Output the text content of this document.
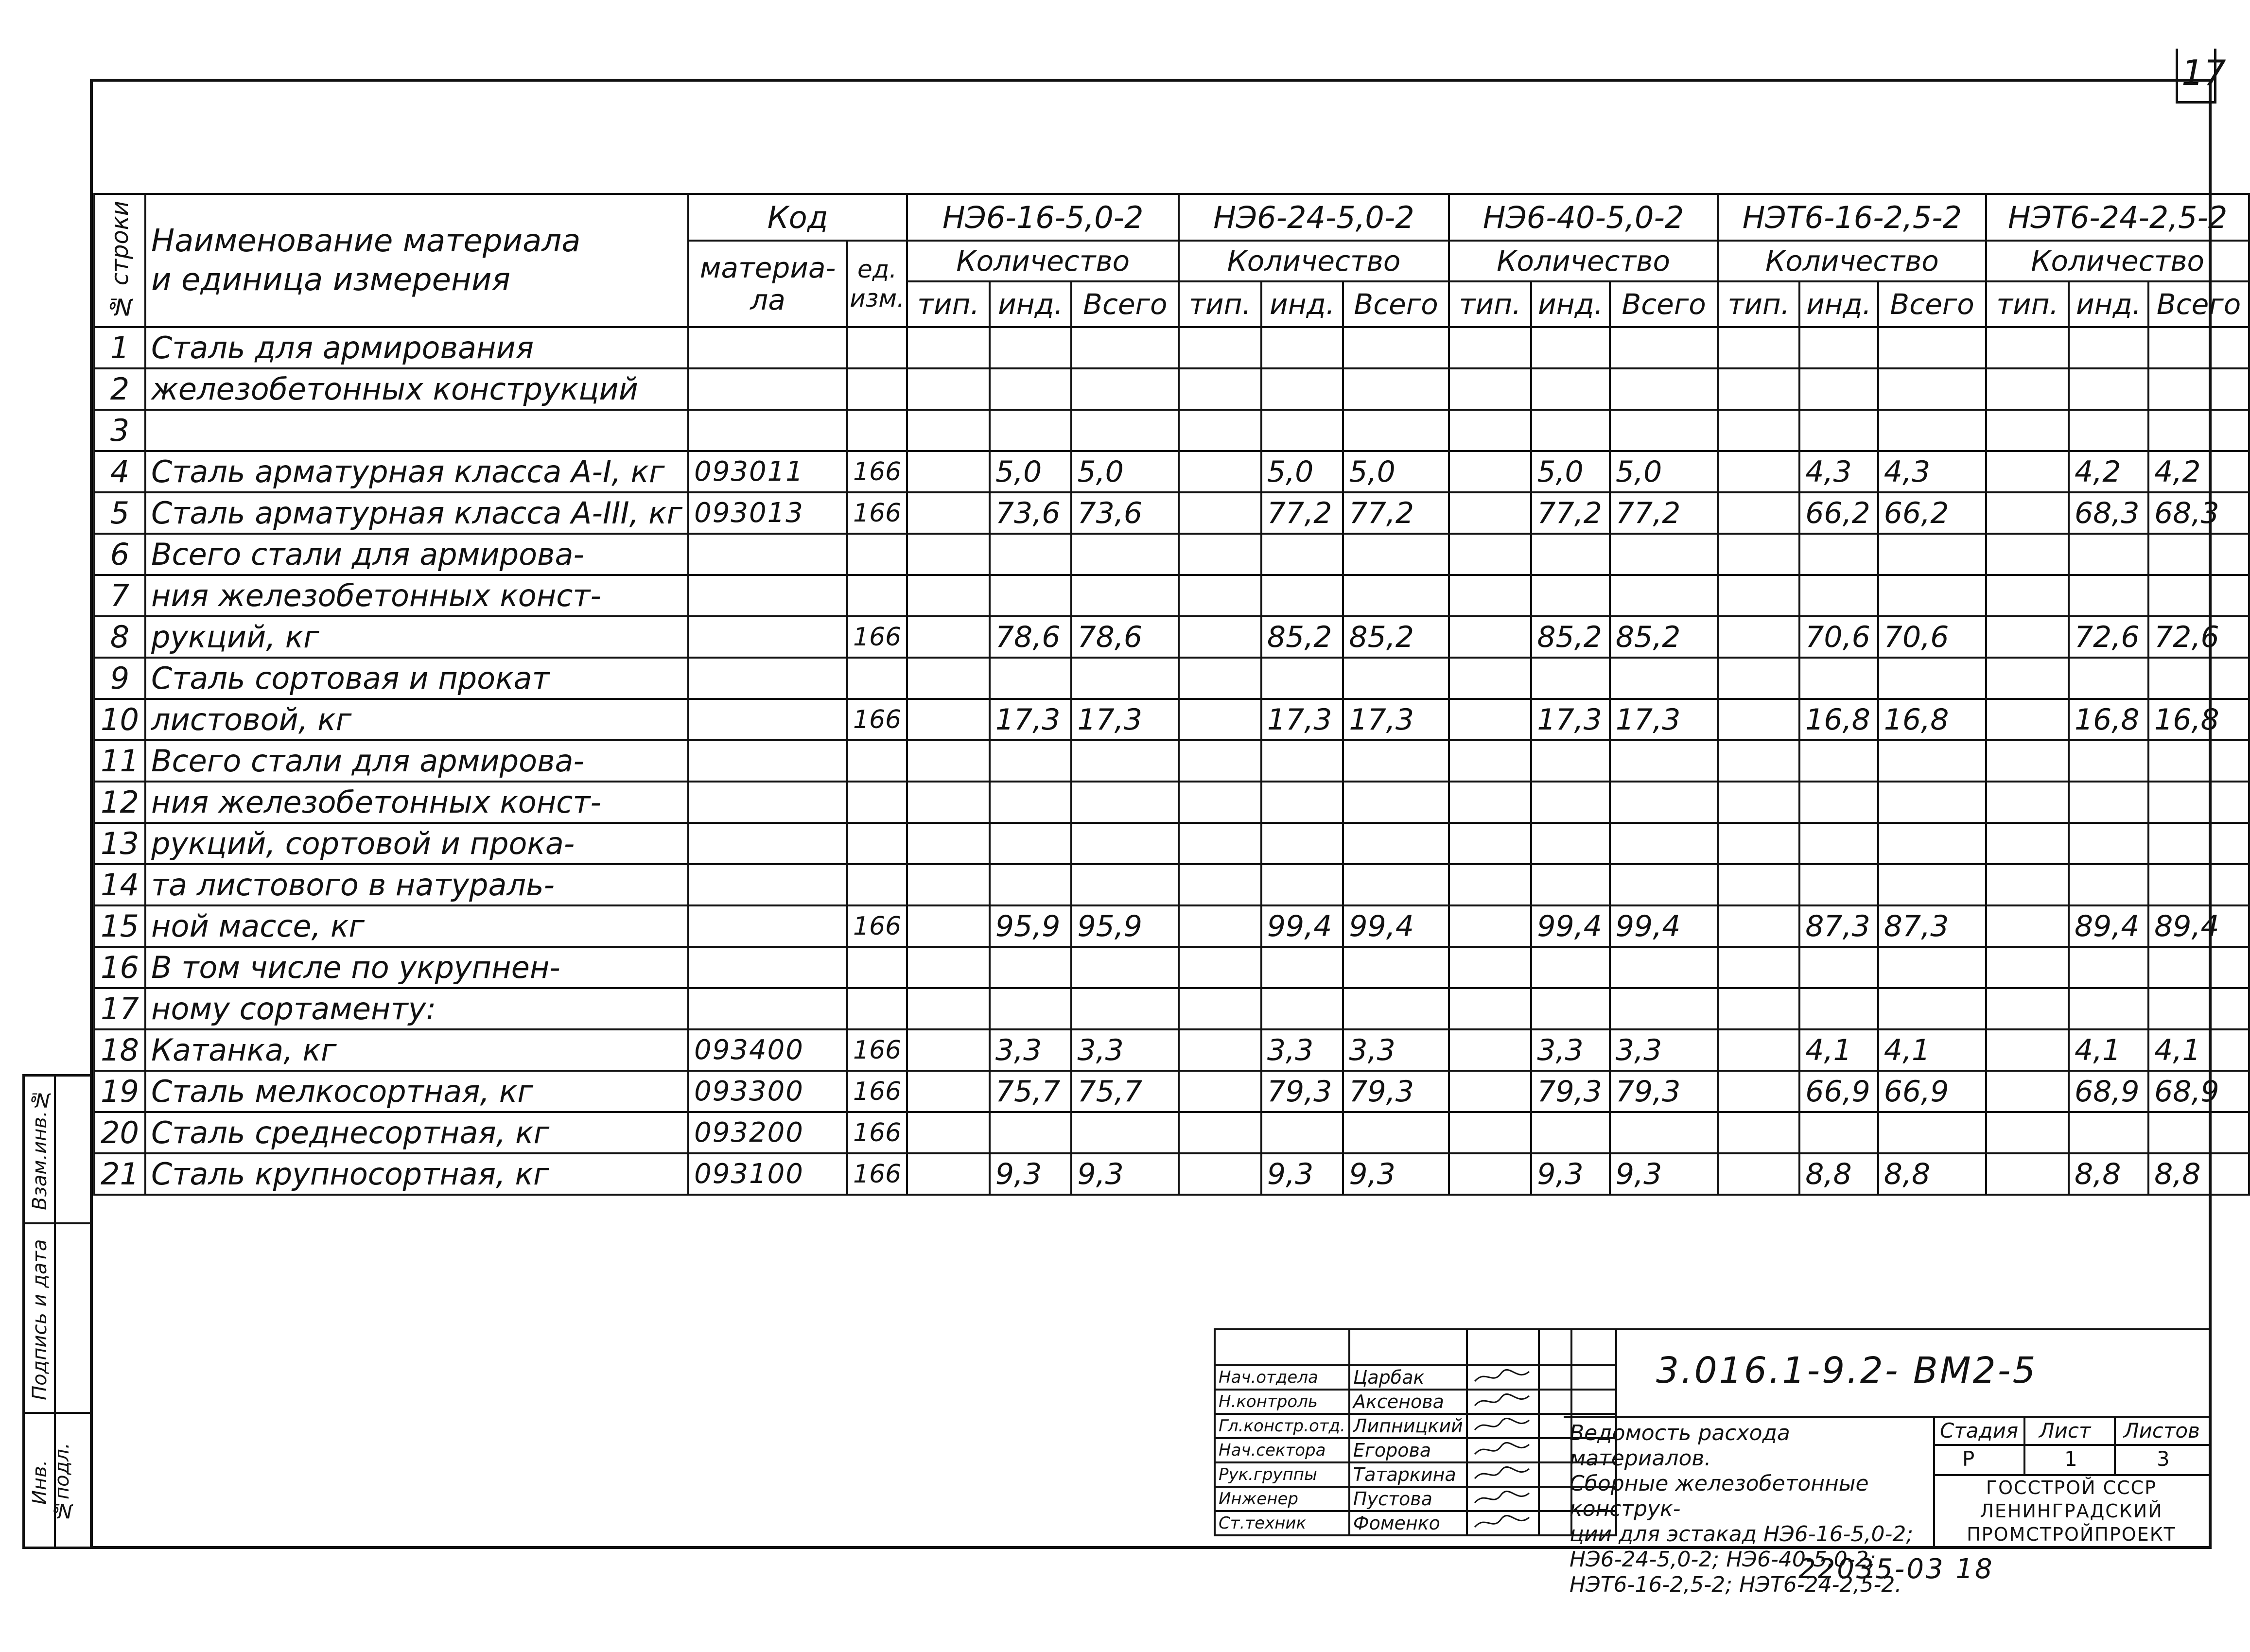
17
Взам.инв.№
Подпись и дата
Инв.№подл.
№ строки	Наименование материала
и единица измерения	Код		НЭ6-16-5,0-2			НЭ6-24-5,0-2			НЭ6-40-5,0-2			НЭТ6-16-2,5-2			НЭТ6-24-2,5-2		
		материа-ла	ед. изм.	Количество			Количество			Количество			Количество			Количество		
				тип.	инд.	Всего	тип.	инд.	Всего	тип.	инд.	Всего	тип.	инд.	Всего	тип.	инд.	Всего
1	Сталь для армирования																	
2	железобетонных конструкций																	
3																		
4	Сталь арматурная класса А-I, кг	093011	166		5,0	5,0		5,0	5,0		5,0	5,0		4,3	4,3		4,2	4,2
5	Сталь арматурная класса А-III, кг	093013	166		73,6	73,6		77,2	77,2		77,2	77,2		66,2	66,2		68,3	68,3
6	Всего стали для армирова-																	
7	ния железобетонных конст-																	
8	рукций, кг		166		78,6	78,6		85,2	85,2		85,2	85,2		70,6	70,6		72,6	72,6
9	Сталь сортовая и прокат																	
10	листовой, кг		166		17,3	17,3		17,3	17,3		17,3	17,3		16,8	16,8		16,8	16,8
11	Всего стали для армирова-																	
12	ния железобетонных конст-																	
13	рукций, сортовой и прока-																	
14	та листового в натураль-																	
15	ной массе, кг		166		95,9	95,9		99,4	99,4		99,4	99,4		87,3	87,3		89,4	89,4
16	В том числе по укрупнен-																	
17	ному сортаменту:																	
18	Катанка, кг	093400	166		3,3	3,3		3,3	3,3		3,3	3,3		4,1	4,1		4,1	4,1
19	Сталь мелкосортная, кг	093300	166		75,7	75,7		79,3	79,3		79,3	79,3		66,9	66,9		68,9	68,9
20	Сталь среднесортная, кг	093200	166															
21	Сталь крупносортная, кг	093100	166		9,3	9,3		9,3	9,3		9,3	9,3		8,8	8,8		8,8	8,8

Нач.отдела	Царбак			
Н.контроль	Аксенова			
Гл.констр.отд.	Липницкий			
Нач.сектора	Егорова			
Рук.группы	Татаркина			
Инженер	Пустова			
Ст.техник	Фоменко			
3.016.1-9.2- ВМ2-5
Ведомость расхода материалов.
Сборные железобетонные конструк-
ции для эстакад НЭ6-16-5,0-2;
НЭ6-24-5,0-2; НЭ6-40-5,0-2;
НЭТ6-16-2,5-2; НЭТ6-24-2,5-2.
Стадия Лист Листов
Р	1	3
ГОССТРОЙ СССР
ЛЕНИНГРАДСКИЙ
ПРОМСТРОЙПРОЕКТ
22035-03 18
